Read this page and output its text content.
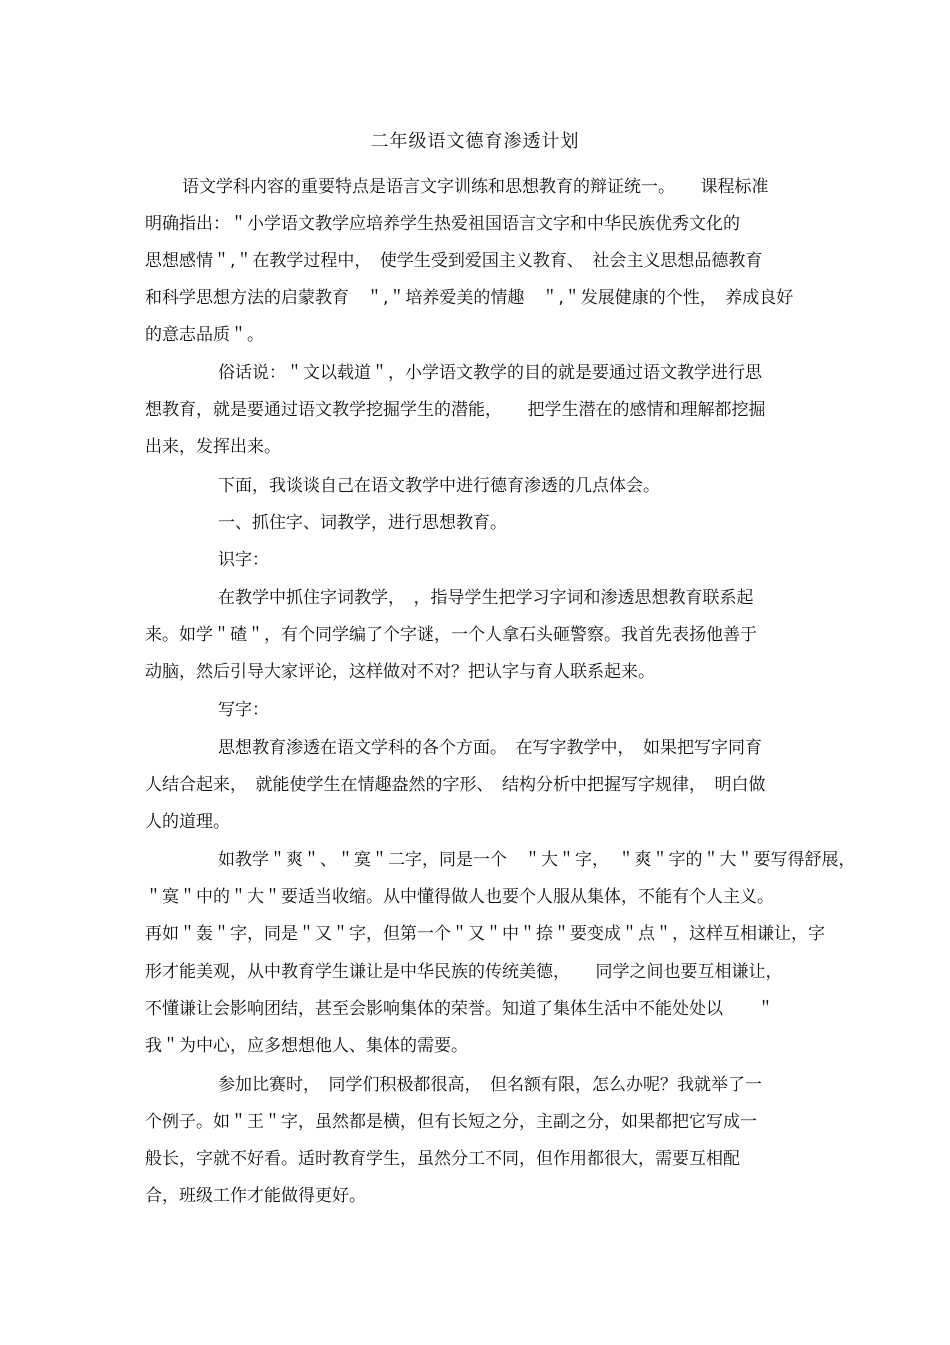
二年级语文德育渗透计划
语文学科内容的重要特点是语言文字训练和思想教育的辩证统一。　　课程标准
明确指出：＂小学语文教学应培养学生热爱祖国语言文字和中华民族优秀文化的
思想感情＂,＂在教学过程中，　使学生受到爱国主义教育、　社会主义思想品德教育
和科学思想方法的启蒙教育　＂,＂培养爱美的情趣　＂,＂发展健康的个性，　养成良好
的意志品质＂。
俗话说：＂文以载道＂，小学语文教学的目的就是要通过语文教学进行思
想教育，就是要通过语文教学挖掘学生的潜能，　　把学生潜在的感情和理解都挖掘
出来，发挥出来。
下面，我谈谈自己在语文教学中进行德育渗透的几点体会。
一、抓住字、词教学，进行思想教育。
识字：
在教学中抓住字词教学，　，指导学生把学习字词和渗透思想教育联系起
来。如学＂碴＂，有个同学编了个字谜，一个人拿石头砸警察。我首先表扬他善于
动脑，然后引导大家评论，这样做对不对？把认字与育人联系起来。
写字：
思想教育渗透在语文学科的各个方面。　在写字教学中，　如果把写字同育
人结合起来，　就能使学生在情趣盎然的字形、　结构分析中把握写字规律，　明白做
人的道理。
如教学＂爽＂、＂寞＂二字，同是一个　＂大＂字，　＂爽＂字的＂大＂要写得舒展，
＂寞＂中的＂大＂要适当收缩。从中懂得做人也要个人服从集体，不能有个人主义。
再如＂轰＂字，同是＂又＂字，但第一个＂又＂中＂捺＂要变成＂点＂，这样互相谦让，字
形才能美观，从中教育学生谦让是中华民族的传统美德，　　同学之间也要互相谦让，
不懂谦让会影响团结，甚至会影响集体的荣誉。知道了集体生活中不能处处以　　＂
我＂为中心，应多想想他人、集体的需要。
参加比赛时，　同学们积极都很高，　但名额有限，怎么办呢？我就举了一
个例子。如＂王＂字，虽然都是横，但有长短之分，主副之分，如果都把它写成一
般长，字就不好看。适时教育学生，虽然分工不同，但作用都很大，需要互相配
合，班级工作才能做得更好。
